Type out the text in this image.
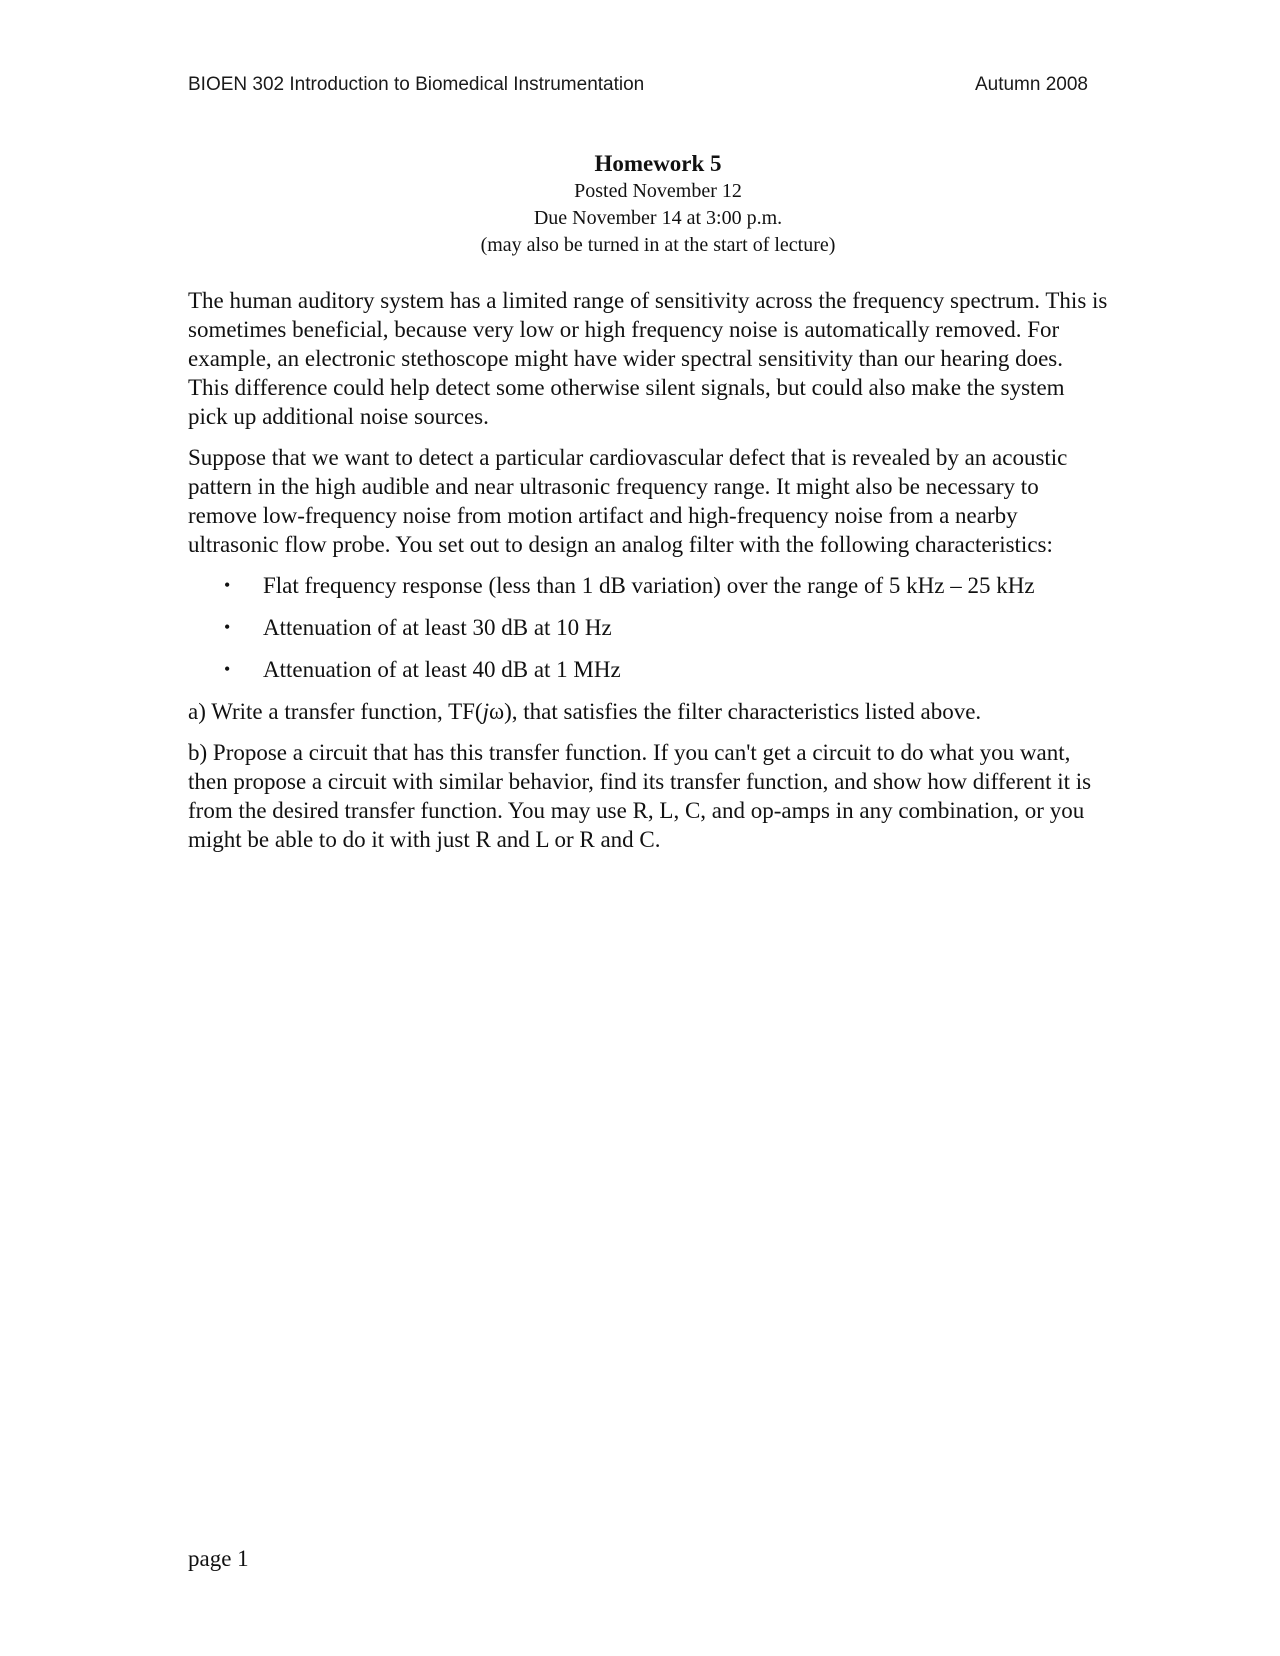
BIOEN 302 Introduction to Biomedical Instrumentation	Autumn 2008
Homework 5
Posted November 12
Due November 14 at 3:00 p.m.
(may also be turned in at the start of lecture)

The human auditory system has a limited range of sensitivity across the frequency spectrum. This is sometimes beneficial, because very low or high frequency noise is automatically removed. For example, an electronic stethoscope might have wider spectral sensitivity than our hearing does. This difference could help detect some otherwise silent signals, but could also make the system pick up additional noise sources.

Suppose that we want to detect a particular cardiovascular defect that is revealed by an acoustic pattern in the high audible and near ultrasonic frequency range. It might also be necessary to remove low-frequency noise from motion artifact and high-frequency noise from a nearby ultrasonic flow probe. You set out to design an analog filter with the following characteristics:

• Flat frequency response (less than 1 dB variation) over the range of 5 kHz – 25 kHz
• Attenuation of at least 30 dB at 10 Hz
• Attenuation of at least 40 dB at 1 MHz

a) Write a transfer function, TF(jω), that satisfies the filter characteristics listed above.

b) Propose a circuit that has this transfer function. If you can't get a circuit to do what you want, then propose a circuit with similar behavior, find its transfer function, and show how different it is from the desired transfer function. You may use R, L, C, and op-amps in any combination, or you might be able to do it with just R and L or R and C.

page 1
